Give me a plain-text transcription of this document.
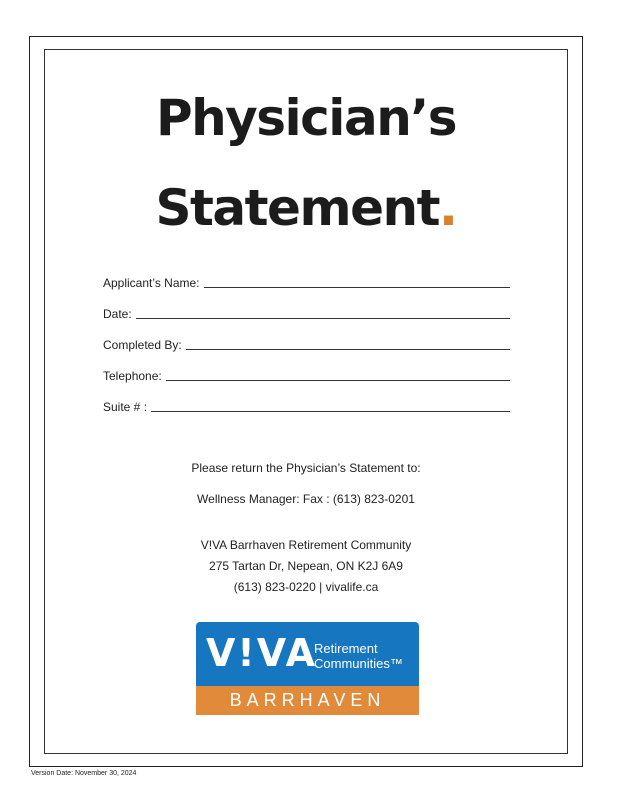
Physician’s
Statement.
Applicant’s Name:
Date:
Completed By:
Telephone:
Suite # :
Please return the Physician’s Statement to:
Wellness Manager: Fax : (613) 823-0201
V!VA Barrhaven Retirement Community
275 Tartan Dr, Nepean, ON K2J 6A9
(613) 823-0220 | vivalife.ca
V!VA
Retirement
Communities™
BARRHAVEN
Version Date: November 30, 2024
